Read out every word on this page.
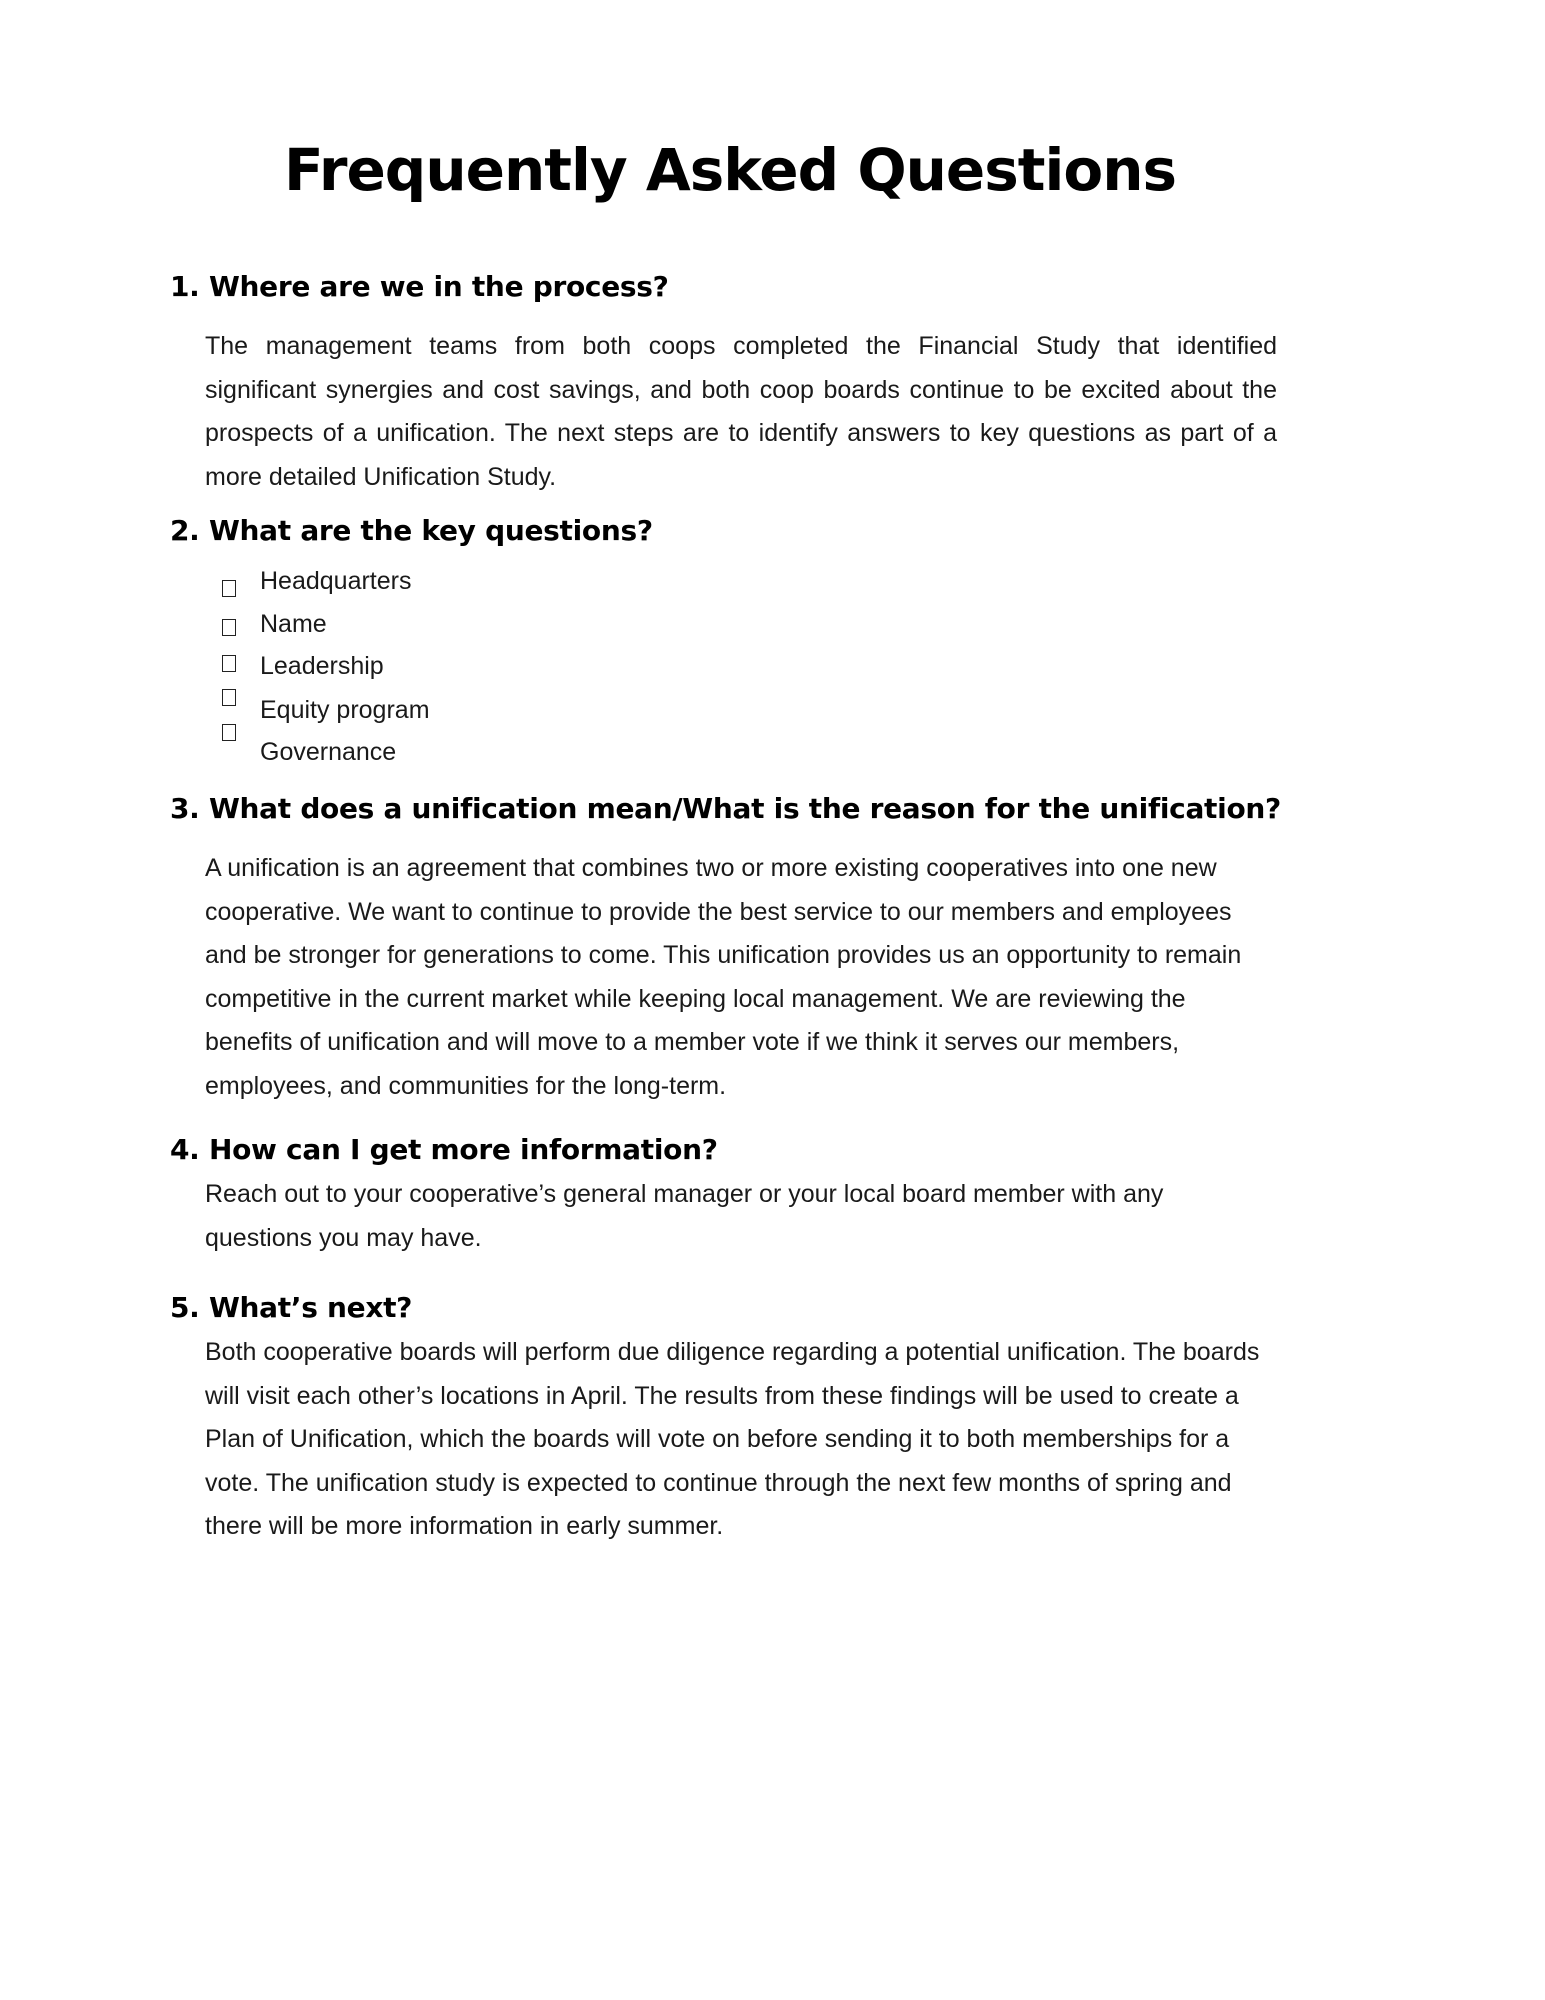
Frequently Asked Questions
1. Where are we in the process?

The management teams from both coops completed the Financial Study that identified significant synergies and cost savings, and both coop boards continue to be excited about the prospects of a unification. The next steps are to identify answers to key questions as part of a more detailed Unification Study.

2. What are the key questions?
Headquarters
Name
Leadership
Equity program
Governance
3. What does a unification mean/What is the reason for the unification?

A unification is an agreement that combines two or more existing cooperatives into one new cooperative. We want to continue to provide the best service to our members and employees and be stronger for generations to come. This unification provides us an opportunity to remain competitive in the current market while keeping local management. We are reviewing the benefits of unification and will move to a member vote if we think it serves our members, employees, and communities for the long-term.

4. How can I get more information?

Reach out to your cooperative’s general manager or your local board member with any questions you may have.

5. What’s next?

Both cooperative boards will perform due diligence regarding a potential unification. The boards will visit each other’s locations in April. The results from these findings will be used to create a Plan of Unification, which the boards will vote on before sending it to both memberships for a vote. The unification study is expected to continue through the next few months of spring and there will be more information in early summer.
